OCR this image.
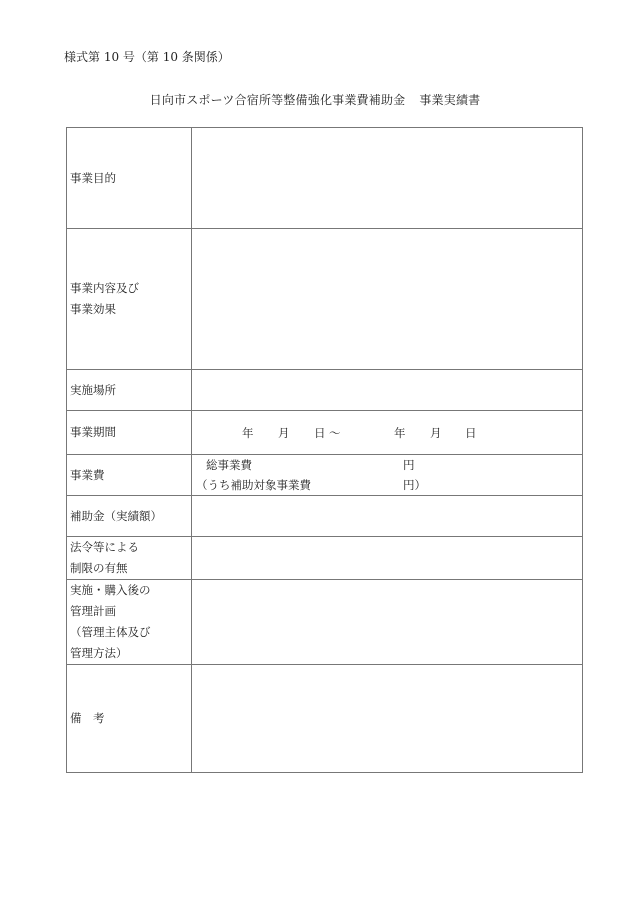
様式第 10 号（第 10 条関係）
日向市スポーツ合宿所等整備強化事業費補助金 事業実績書
事業目的	

事業内容及び
事業効果	

実施場所	
事業期間	年 月 日 ～	年 月 日

事業費	総事業費 円
（うち補助対象事業費 円）

補助金（実績額）	

法令等による
制限の有無	

実施・購入後の
管理計画
（管理主体及び
管理方法）	

備　考	
